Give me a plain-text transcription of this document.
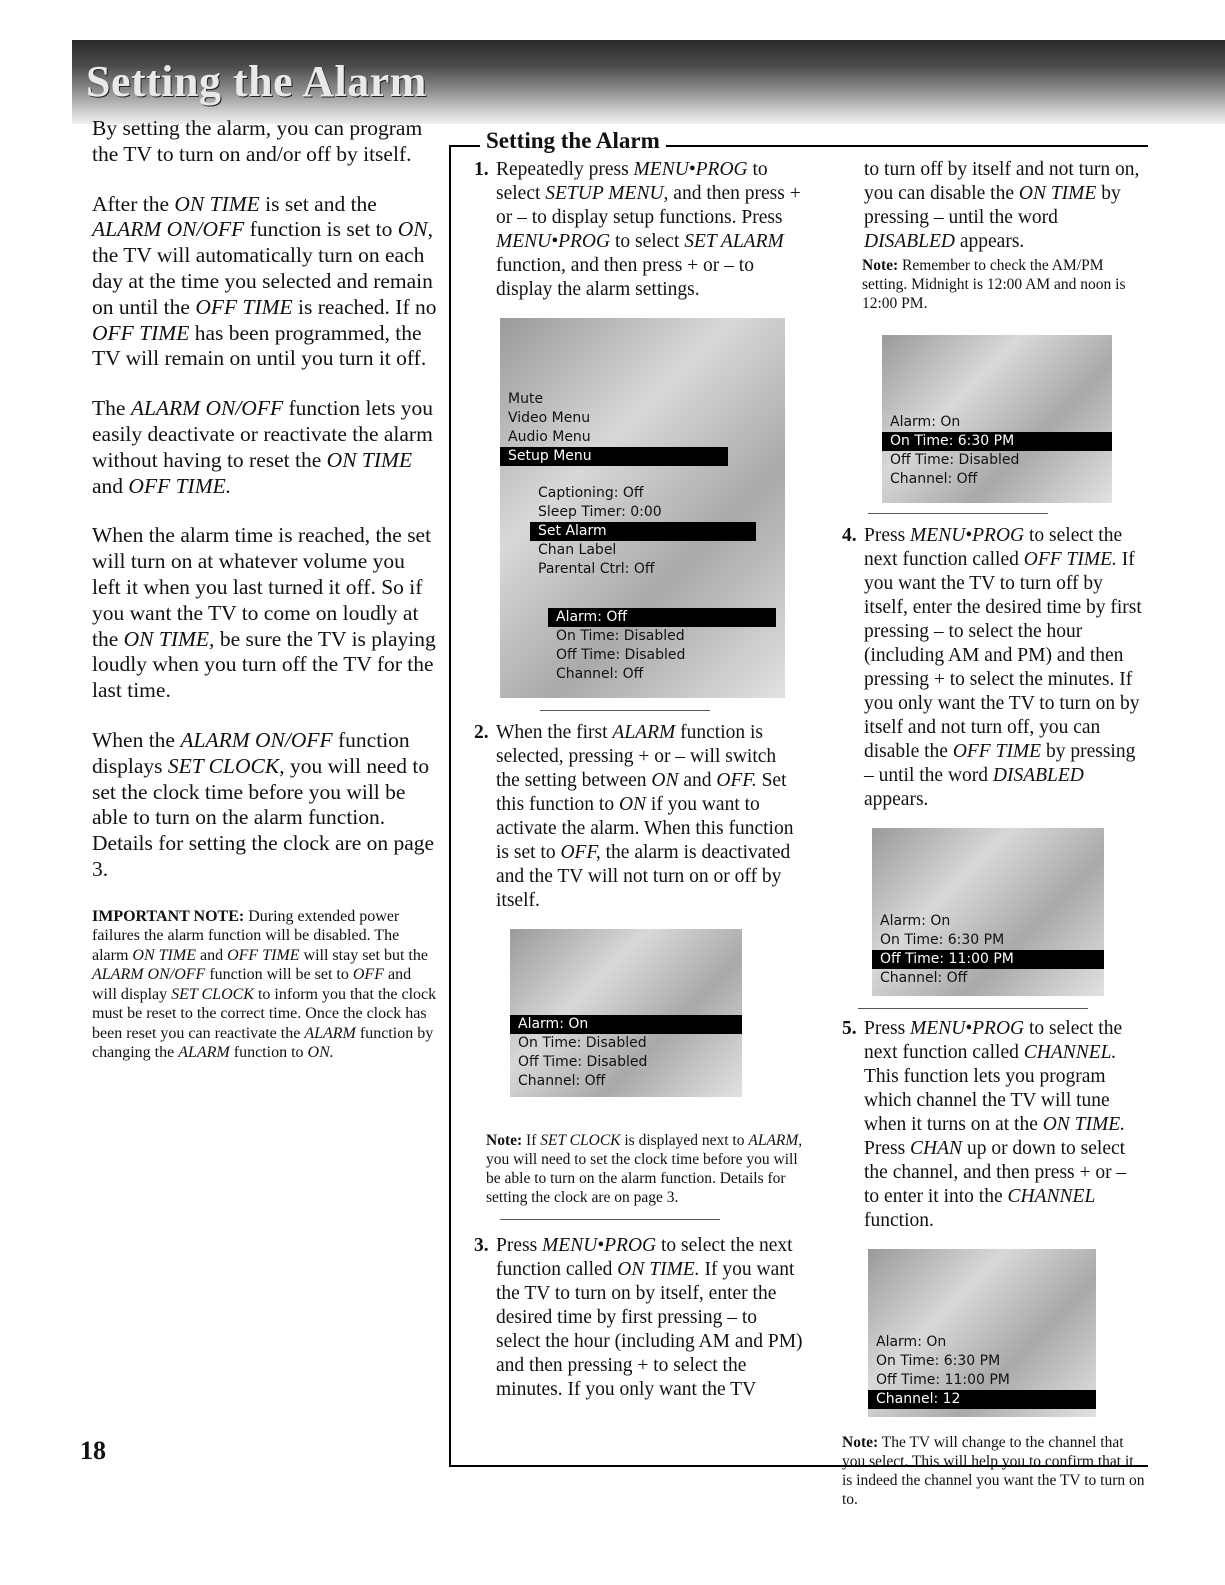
Setting the Alarm

By setting the alarm, you can program the TV to turn on and/or off by itself.

After the ON TIME is set and the ALARM ON/OFF function is set to ON, the TV will automatically turn on each day at the time you selected and remain on until the OFF TIME is reached. If no OFF TIME has been programmed, the TV will remain on until you turn it off.

The ALARM ON/OFF function lets you easily deactivate or reactivate the alarm without having to reset the ON TIME and OFF TIME.

When the alarm time is reached, the set will turn on at whatever volume you left it when you last turned it off. So if you want the TV to come on loudly at the ON TIME, be sure the TV is playing loudly when you turn off the TV for the last time.

When the ALARM ON/OFF function displays SET CLOCK, you will need to set the clock time before you will be able to turn on the alarm function. Details for setting the clock are on page 3.

IMPORTANT NOTE: During extended power failures the alarm function will be disabled. The alarm ON TIME and OFF TIME will stay set but the ALARM ON/OFF function will be set to OFF and will display SET CLOCK to inform you that the clock must be reset to the correct time. Once the clock has been reset you can reactivate the ALARM function by changing the ALARM function to ON.

Setting the Alarm

1. Repeatedly press MENU•PROG to select SETUP MENU, and then press + or – to display setup functions. Press MENU•PROG to select SET ALARM function, and then press + or – to display the alarm settings.

Mute
Video Menu
Audio Menu
Setup Menu
Captioning: Off
Sleep Timer: 0:00
Set Alarm
Chan Label
Parental Ctrl: Off
Alarm: Off
On Time: Disabled
Off Time: Disabled
Channel: Off

2. When the first ALARM function is selected, pressing + or – will switch the setting between ON and OFF. Set this function to ON if you want to activate the alarm. When this function is set to OFF, the alarm is deactivated and the TV will not turn on or off by itself.

Alarm: On
On Time: Disabled
Off Time: Disabled
Channel: Off

Note: If SET CLOCK is displayed next to ALARM, you will need to set the clock time before you will be able to turn on the alarm function. Details for setting the clock are on page 3.

3. Press MENU•PROG to select the next function called ON TIME. If you want the TV to turn on by itself, enter the desired time by first pressing – to select the hour (including AM and PM) and then pressing + to select the minutes. If you only want the TV

to turn off by itself and not turn on, you can disable the ON TIME by pressing – until the word DISABLED appears.

Note: Remember to check the AM/PM setting. Midnight is 12:00 AM and noon is 12:00 PM.

Alarm: On
On Time: 6:30 PM
Off Time: Disabled
Channel: Off

4. Press MENU•PROG to select the next function called OFF TIME. If you want the TV to turn off by itself, enter the desired time by first pressing – to select the hour (including AM and PM) and then pressing + to select the minutes. If you only want the TV to turn on by itself and not turn off, you can disable the OFF TIME by pressing – until the word DISABLED appears.

Alarm: On
On Time: 6:30 PM
Off Time: 11:00 PM
Channel: Off

5. Press MENU•PROG to select the next function called CHANNEL. This function lets you program which channel the TV will tune when it turns on at the ON TIME. Press CHAN up or down to select the channel, and then press + or – to enter it into the CHANNEL function.

Alarm: On
On Time: 6:30 PM
Off Time: 11:00 PM
Channel: 12

Note: The TV will change to the channel that you select. This will help you to confirm that it is indeed the channel you want the TV to turn on to.

18
